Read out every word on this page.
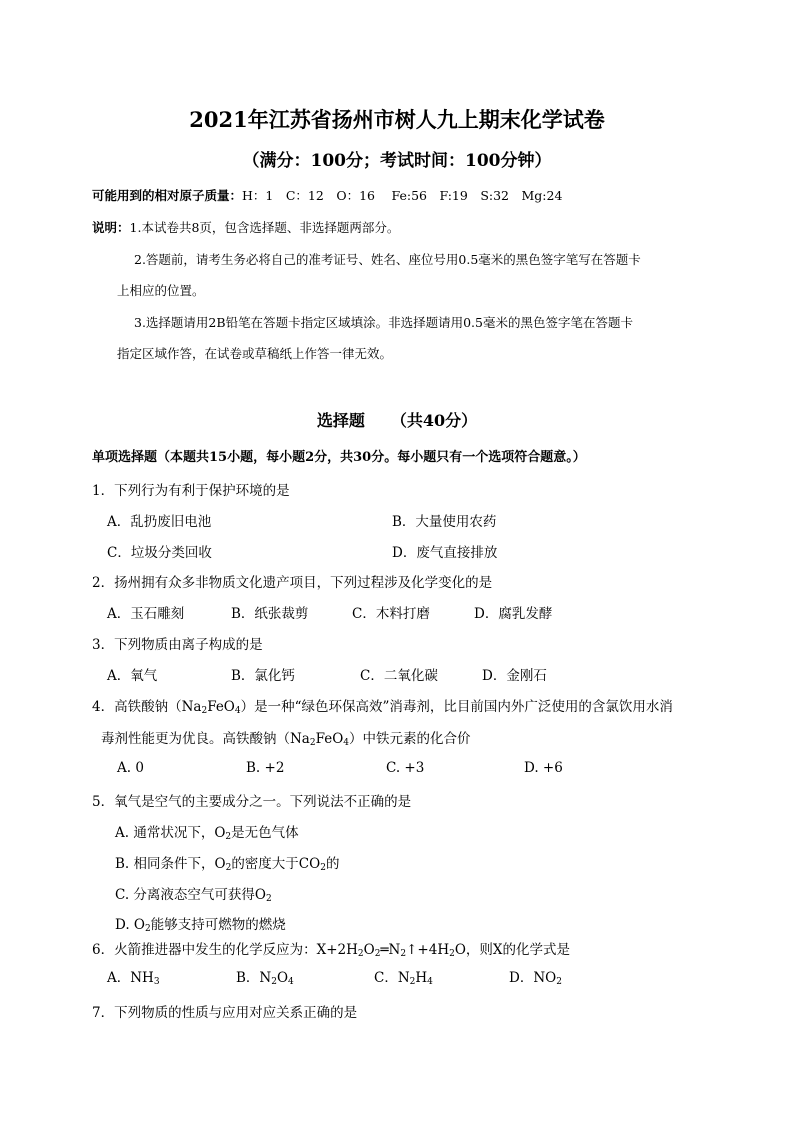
2021年江苏省扬州市树人九上期末化学试卷
（满分：100分；考试时间：100分钟）
可能用到的相对原子质量：H：1　C：12　O：16　 Fe:56　F:19　S:32　Mg:24
说明：1.本试卷共8页，包含选择题、非选择题两部分。
2.答题前，请考生务必将自己的准考证号、姓名、座位号用0.5毫米的黑色签字笔写在答题卡
上相应的位置。
3.选择题请用2B铅笔在答题卡指定区域填涂。非选择题请用0.5毫米的黑色签字笔在答题卡
指定区域作答，在试卷或草稿纸上作答一律无效。
选择题 （共40分）
单项选择题（本题共15小题，每小题2分，共30分。每小题只有一个选项符合题意。）
1．下列行为有利于保护环境的是
A．乱扔废旧电池	B．大量使用农药
C．垃圾分类回收	D．废气直接排放
2．扬州拥有众多非物质文化遗产项目，下列过程涉及化学变化的是
A．玉石雕刻	B．纸张裁剪	C．木料打磨	D．腐乳发酵
3．下列物质由离子构成的是
A．氧气	B．氯化钙	C．二氧化碳	D．金刚石
4．高铁酸钠$(Na_2FeO_4)$是一种“绿色环保高效”消毒剂，比目前国内外广泛使用的含氯饮用水消
毒剂性能更为优良。高铁酸钠$(Na_2FeO_4)$中铁元素的化合价
A. 0	B. +2	C. +3	D. +6
5．氧气是空气的主要成分之一。下列说法不正确的是
A. 通常状况下，$O_2$是无色气体
B. 相同条件下，$O_2$的密度大于$CO_2$的
C. 分离液态空气可获得$O_2$
D. $O_2$能够支持可燃物的燃烧
6．火箭推进器中发生的化学反应为：$X+2H_2O_2═N_2↑+4H_2O$，则X的化学式是
A．$NH_3$	B．$N_2O_4$	C．$N_2H_4$	D．$NO_2$
7．下列物质的性质与应用对应关系正确的是
